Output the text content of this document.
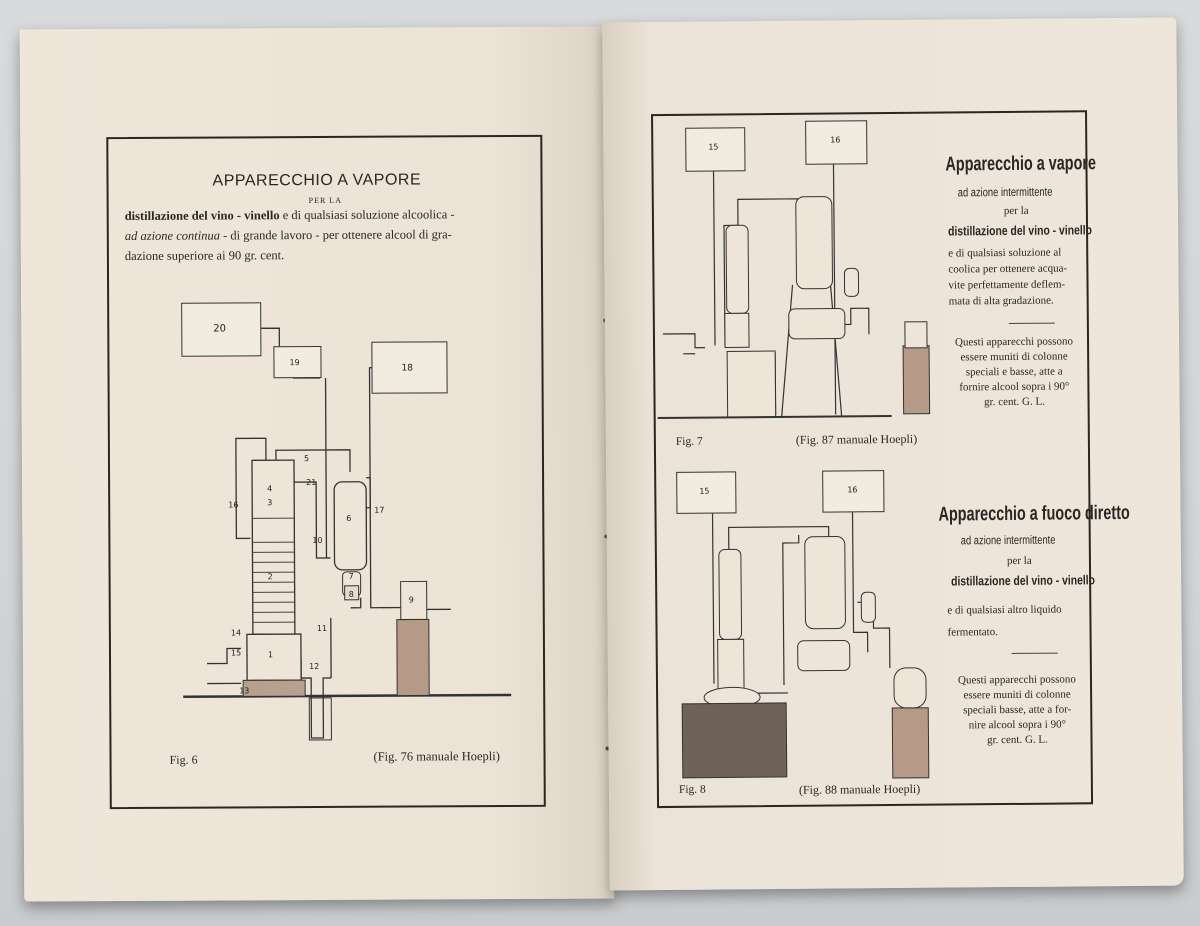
APPARECCHIO A VAPORE
PER LA
distillazione del vino - vinello e di qualsiasi soluzione alcoolica -
ad azione continua - di grande lavoro - per ottenere alcool di gra-
dazione superiore ai 90 gr. cent.
20
19
18
4
3
2
1
5
21
6
7
8
9
10
11
12
13
14
15
16
17
Fig. 6	(Fig. 76 manuale Hoepli)
15
16
Fig. 7	(Fig. 87 manuale Hoepli)
Apparecchio a vapore
ad azione intermittente
per la
distillazione del vino - vinello
e di qualsiasi soluzione al
coolica per ottenere acqua-
vite perfettamente deflem-
mata di alta gradazione.
Questi apparecchi possono
essere muniti di colonne
speciali e basse, atte a
fornire alcool sopra i 90°
gr. cent. G. L.
15	16
Fig. 8	(Fig. 88 manuale Hoepli)
Apparecchio a fuoco diretto
ad azione intermittente
per la
distillazione del vino - vinello
e di qualsiasi altro liquido
fermentato.
Questi apparecchi possono
essere muniti di colonne
speciali basse, atte a for-
nire alcool sopra i 90°
gr. cent. G. L.
